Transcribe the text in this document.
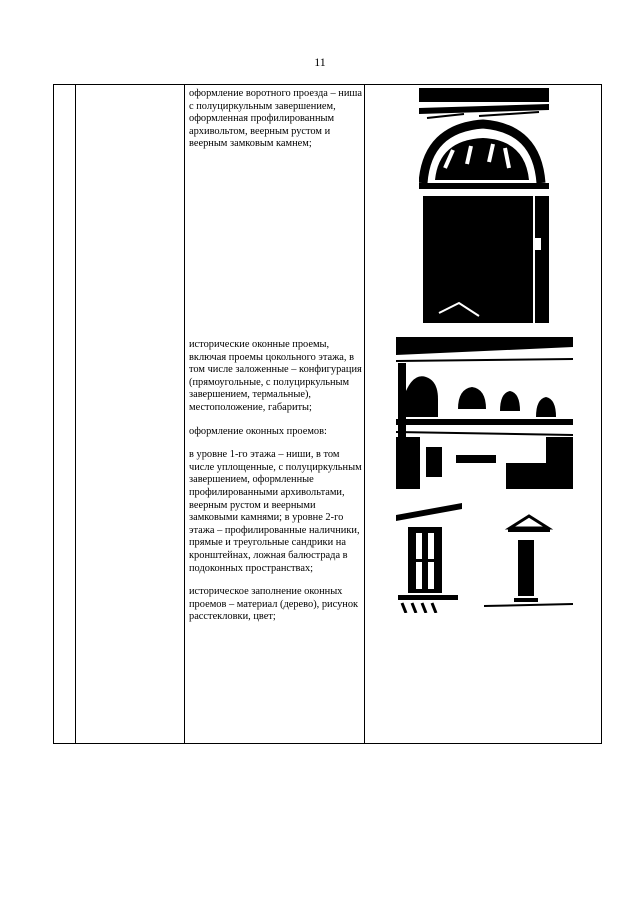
11

оформление воротного проезда – ниша с полуциркульным завершением, оформленная профилированным архивольтом, веерным рустом и веерным замковым камнем;

исторические оконные проемы, включая проемы цокольного этажа, в том числе заложенные – конфигурация (прямоугольные, с полуциркульным завершением, термальные), местоположение, габариты;

оформление оконных проемов:

в уровне 1-го этажа – ниши, в том числе уплощенные, с полуциркульным завершением, оформленные профилированными архивольтами, веерным рустом и веерными замковыми камнями; в уровне 2-го этажа – профилированные наличники, прямые и треугольные сандрики на кронштейнах, ложная балюстрада в подоконных пространствах;

историческое заполнение оконных проемов – материал (дерево), рисунок расстекловки, цвет;
